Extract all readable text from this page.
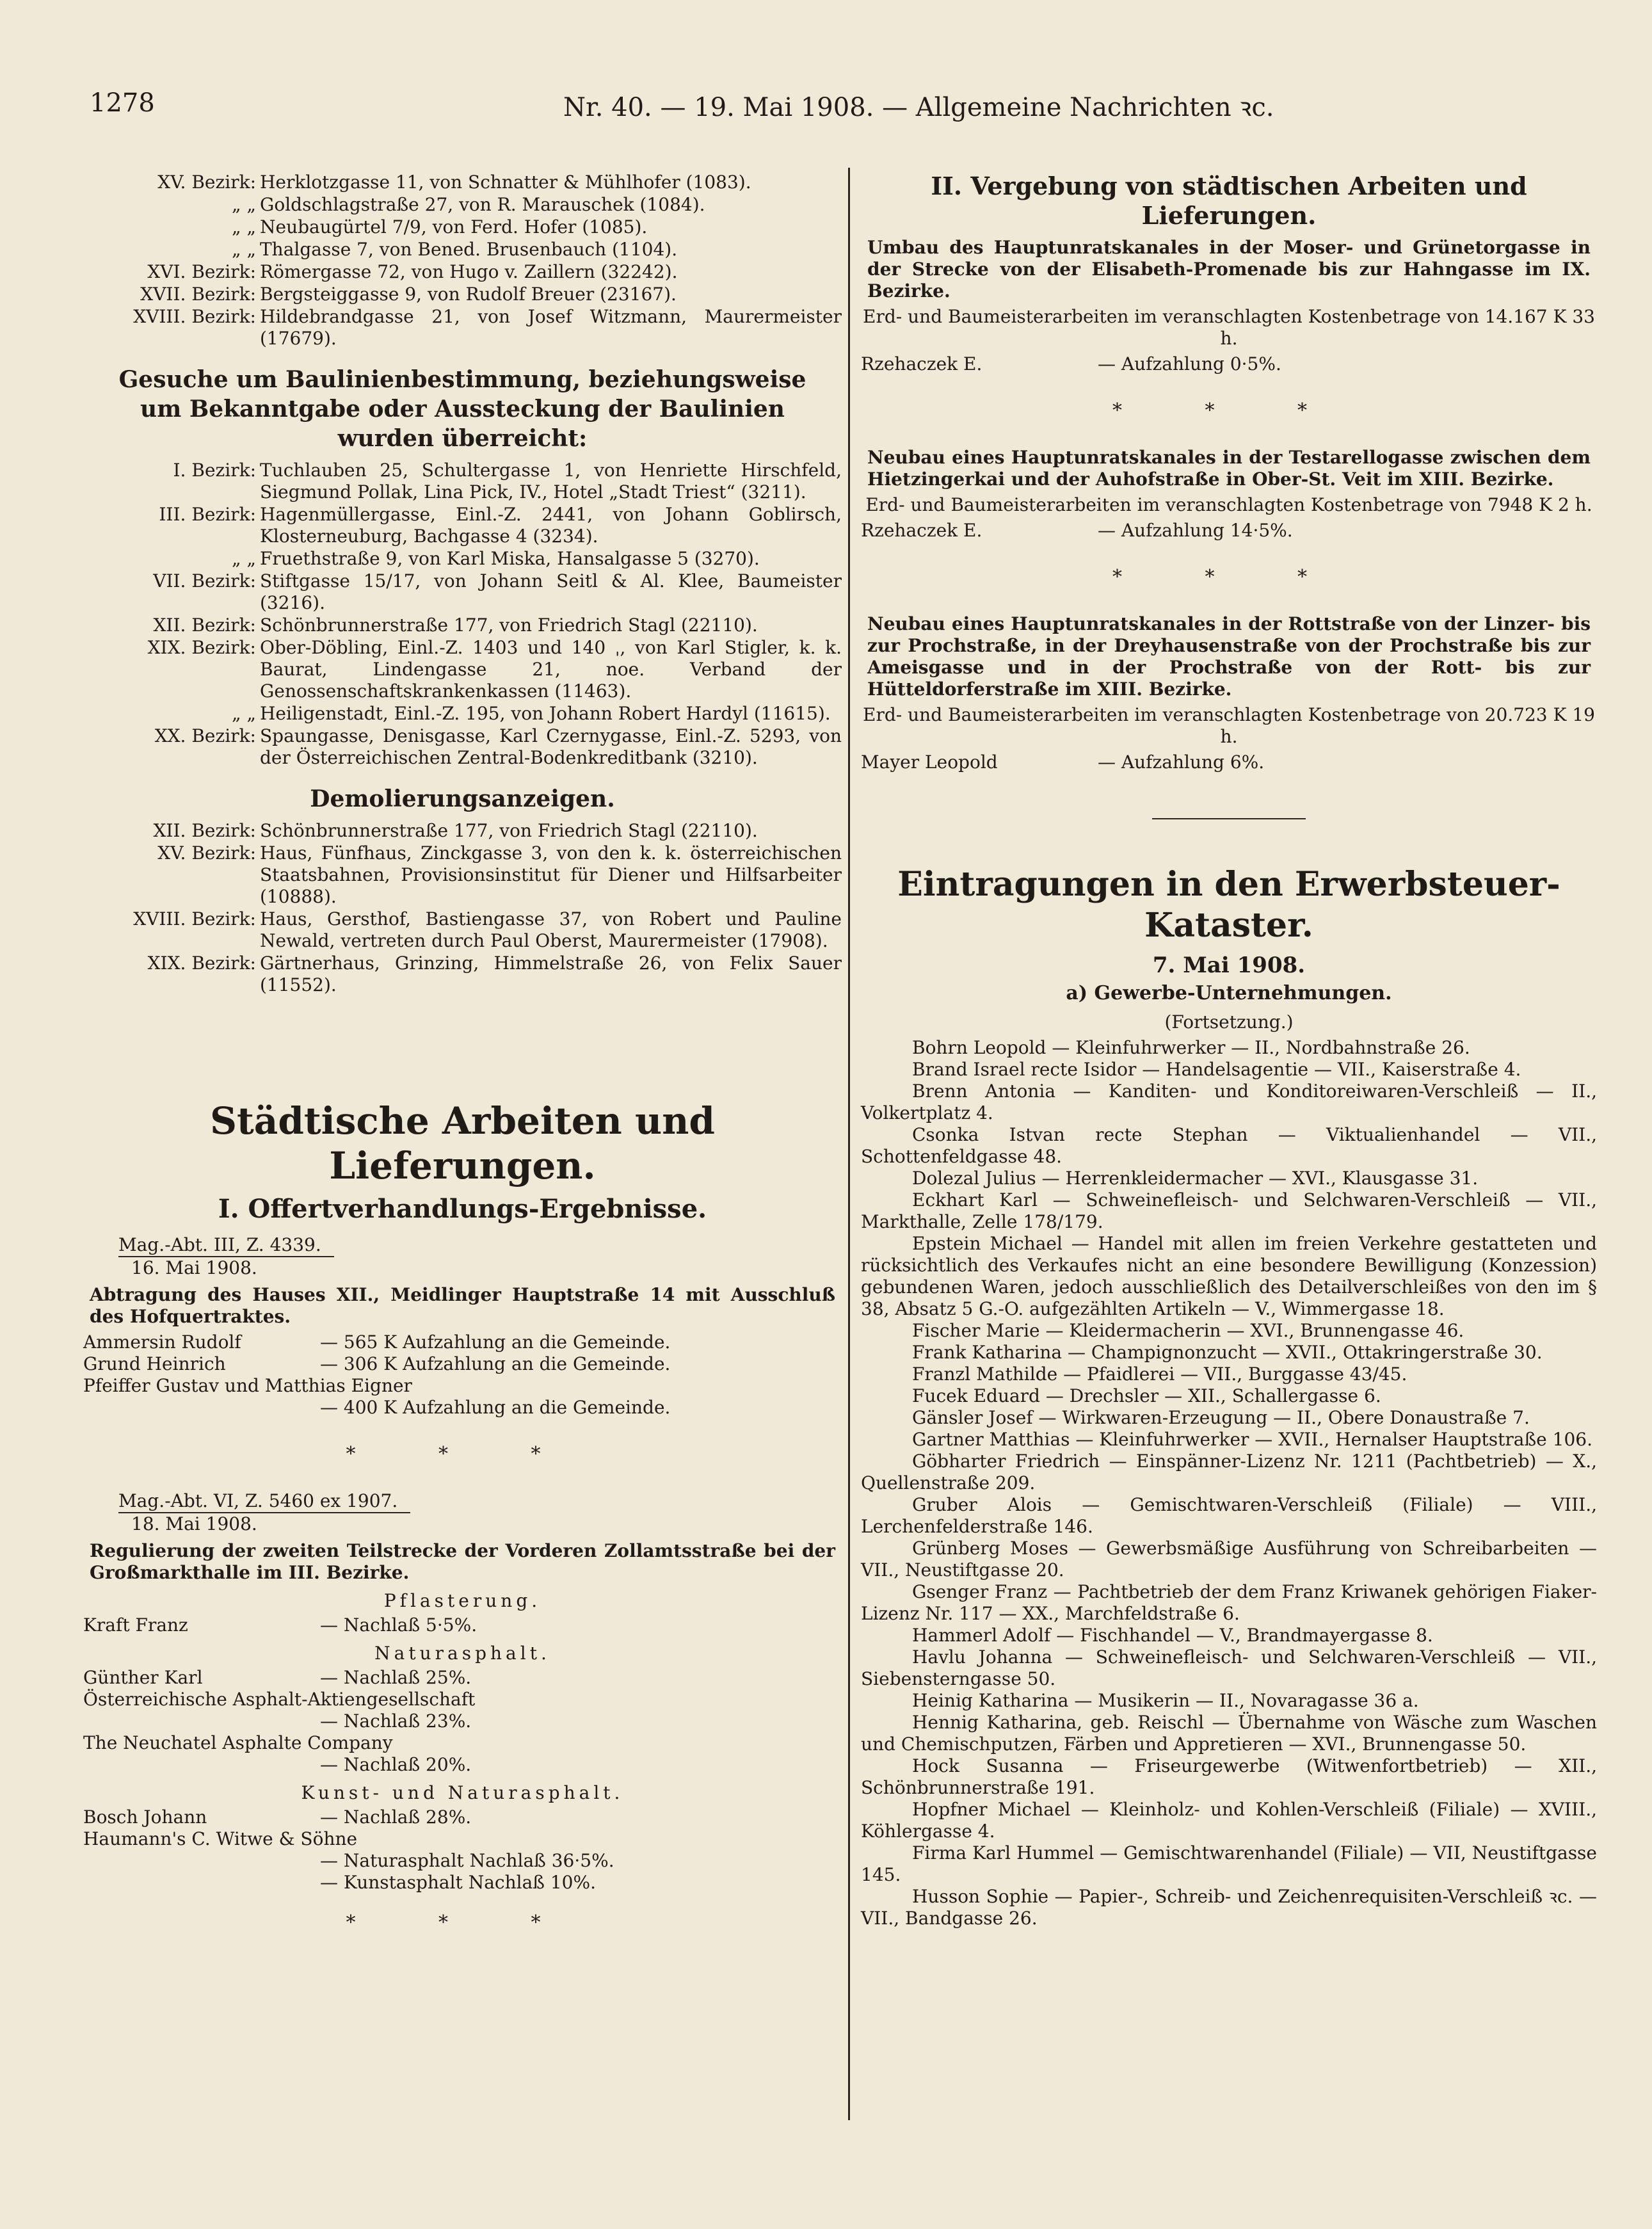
1278	Nr. 40. — 19. Mai 1908. — Allgemeine Nachrichten ꝛc.
XV. Bezirk: Herklotzgasse 11, von Schnatter & Mühlhofer (1083).
„ „ Goldschlagstraße 27, von R. Marauschek (1084).
„ „ Neubaugürtel 7/9, von Ferd. Hofer (1085).
„ „ Thalgasse 7, von Bened. Brusenbauch (1104).
XVI. Bezirk: Römergasse 72, von Hugo v. Zaillern (32242).
XVII. Bezirk: Bergsteiggasse 9, von Rudolf Breuer (23167).
XVIII. Bezirk: Hildebrandgasse 21, von Josef Witzmann, Maurermeister (17679).
Gesuche um Baulinienbestimmung, beziehungsweise um Bekanntgabe oder Aussteckung der Baulinien wurden überreicht:
I. Bezirk: Tuchlauben 25, Schultergasse 1, von Henriette Hirschfeld, Siegmund Pollak, Lina Pick, IV., Hotel „Stadt Triest“ (3211).
III. Bezirk: Hagenmüllergasse, Einl.-Z. 2441, von Johann Goblirsch, Klosterneuburg, Bachgasse 4 (3234).
„ „ Fruethstraße 9, von Karl Miska, Hansalgasse 5 (3270).
VII. Bezirk: Stiftgasse 15/17, von Johann Seitl & Al. Klee, Baumeister (3216).
XII. Bezirk: Schönbrunnerstraße 177, von Friedrich Stagl (22110).
XIX. Bezirk: Ober-Döbling, Einl.-Z. 1403 und 140 ˌ, von Karl Stigler, k. k. Baurat, Lindengasse 21, noe. Verband der Genossenschaftskrankenkassen (11463).
„ „ Heiligenstadt, Einl.-Z. 195, von Johann Robert Hardyl (11615).
XX. Bezirk: Spaungasse, Denisgasse, Karl Czernygasse, Einl.-Z. 5293, von der Österreichischen Zentral-Bodenkreditbank (3210).
Demolierungsanzeigen.
XII. Bezirk: Schönbrunnerstraße 177, von Friedrich Stagl (22110).
XV. Bezirk: Haus, Fünfhaus, Zinckgasse 3, von den k. k. österreichischen Staatsbahnen, Provisionsinstitut für Diener und Hilfsarbeiter (10888).
XVIII. Bezirk: Haus, Gersthof, Bastiengasse 37, von Robert und Pauline Newald, vertreten durch Paul Oberst, Maurermeister (17908).
XIX. Bezirk: Gärtnerhaus, Grinzing, Himmelstraße 26, von Felix Sauer (11552).
Städtische Arbeiten und Lieferungen.
I. Offertverhandlungs-Ergebnisse.
Mag.-Abt. III, Z. 4339.
16. Mai 1908.
Abtragung des Hauses XII., Meidlinger Hauptstraße 14 mit Ausschluß des Hofquertraktes.
Ammersin Rudolf	— 565 K Aufzahlung an die Gemeinde.
Grund Heinrich	— 306 K Aufzahlung an die Gemeinde.
Pfeiffer Gustav und Matthias Eigner
— 400 K Aufzahlung an die Gemeinde.
* * *
Mag.-Abt. VI, Z. 5460 ex 1907.
18. Mai 1908.
Regulierung der zweiten Teilstrecke der Vorderen Zollamtsstraße bei der Großmarkthalle im III. Bezirke.
Pflasterung.
Kraft Franz	— Nachlaß 5·5%.
Naturasphalt.
Günther Karl	— Nachlaß 25%.
Österreichische Asphalt-Aktiengesellschaft
— Nachlaß 23%.
The Neuchatel Asphalte Company
— Nachlaß 20%.
Kunst- und Naturasphalt.
Bosch Johann	— Nachlaß 28%.
Haumann's C. Witwe & Söhne
— Naturasphalt Nachlaß 36·5%.
— Kunstasphalt Nachlaß 10%.
* * *
II. Vergebung von städtischen Arbeiten und Lieferungen.
Umbau des Hauptunratskanales in der Moser- und Grünetorgasse in der Strecke von der Elisabeth-Promenade bis zur Hahngasse im IX. Bezirke.
Erd- und Baumeisterarbeiten im veranschlagten Kostenbetrage von 14.167 K 33 h.
Rzehaczek E.	— Aufzahlung 0·5%.
* * *
Neubau eines Hauptunratskanales in der Testarellogasse zwischen dem Hietzingerkai und der Auhofstraße in Ober-St. Veit im XIII. Bezirke.
Erd- und Baumeisterarbeiten im veranschlagten Kostenbetrage von 7948 K 2 h.
Rzehaczek E.	— Aufzahlung 14·5%.
* * *
Neubau eines Hauptunratskanales in der Rottstraße von der Linzer- bis zur Prochstraße, in der Dreyhausenstraße von der Prochstraße bis zur Ameisgasse und in der Prochstraße von der Rott- bis zur Hütteldorferstraße im XIII. Bezirke.
Erd- und Baumeisterarbeiten im veranschlagten Kostenbetrage von 20.723 K 19 h.
Mayer Leopold	— Aufzahlung 6%.
Eintragungen in den Erwerbsteuer-Kataster.
7. Mai 1908.
a) Gewerbe-Unternehmungen.
(Fortsetzung.)
Bohrn Leopold — Kleinfuhrwerker — II., Nordbahnstraße 26.
Brand Israel recte Isidor — Handelsagentie — VII., Kaiserstraße 4.
Brenn Antonia — Kanditen- und Konditoreiwaren-Verschleiß — II., Volkertplatz 4.
Csonka Istvan recte Stephan — Viktualienhandel — VII., Schottenfeldgasse 48.
Dolezal Julius — Herrenkleidermacher — XVI., Klausgasse 31.
Eckhart Karl — Schweinefleisch- und Selchwaren-Verschleiß — VII., Markthalle, Zelle 178/179.
Epstein Michael — Handel mit allen im freien Verkehre gestatteten und rücksichtlich des Verkaufes nicht an eine besondere Bewilligung (Konzession) gebundenen Waren, jedoch ausschließlich des Detailverschleißes von den im § 38, Absatz 5 G.-O. aufgezählten Artikeln — V., Wimmergasse 18.
Fischer Marie — Kleidermacherin — XVI., Brunnengasse 46.
Frank Katharina — Champignonzucht — XVII., Ottakringerstraße 30.
Franzl Mathilde — Pfaidlerei — VII., Burggasse 43/45.
Fucek Eduard — Drechsler — XII., Schallergasse 6.
Gänsler Josef — Wirkwaren-Erzeugung — II., Obere Donaustraße 7.
Gartner Matthias — Kleinfuhrwerker — XVII., Hernalser Hauptstraße 106.
Göbharter Friedrich — Einspänner-Lizenz Nr. 1211 (Pachtbetrieb) — X., Quellenstraße 209.
Gruber Alois — Gemischtwaren-Verschleiß (Filiale) — VIII., Lerchenfelderstraße 146.
Grünberg Moses — Gewerbsmäßige Ausführung von Schreibarbeiten — VII., Neustiftgasse 20.
Gsenger Franz — Pachtbetrieb der dem Franz Kriwanek gehörigen Fiaker-Lizenz Nr. 117 — XX., Marchfeldstraße 6.
Hammerl Adolf — Fischhandel — V., Brandmayergasse 8.
Havlu Johanna — Schweinefleisch- und Selchwaren-Verschleiß — VII., Siebensterngasse 50.
Heinig Katharina — Musikerin — II., Novaragasse 36 a.
Hennig Katharina, geb. Reischl — Übernahme von Wäsche zum Waschen und Chemischputzen, Färben und Appretieren — XVI., Brunnengasse 50.
Hock Susanna — Friseurgewerbe (Witwenfortbetrieb) — XII., Schönbrunnerstraße 191.
Hopfner Michael — Kleinholz- und Kohlen-Verschleiß (Filiale) — XVIII., Köhlergasse 4.
Firma Karl Hummel — Gemischtwarenhandel (Filiale) — VII, Neustiftgasse 145.
Husson Sophie — Papier-, Schreib- und Zeichenrequisiten-Verschleiß ꝛc. — VII., Bandgasse 26.
